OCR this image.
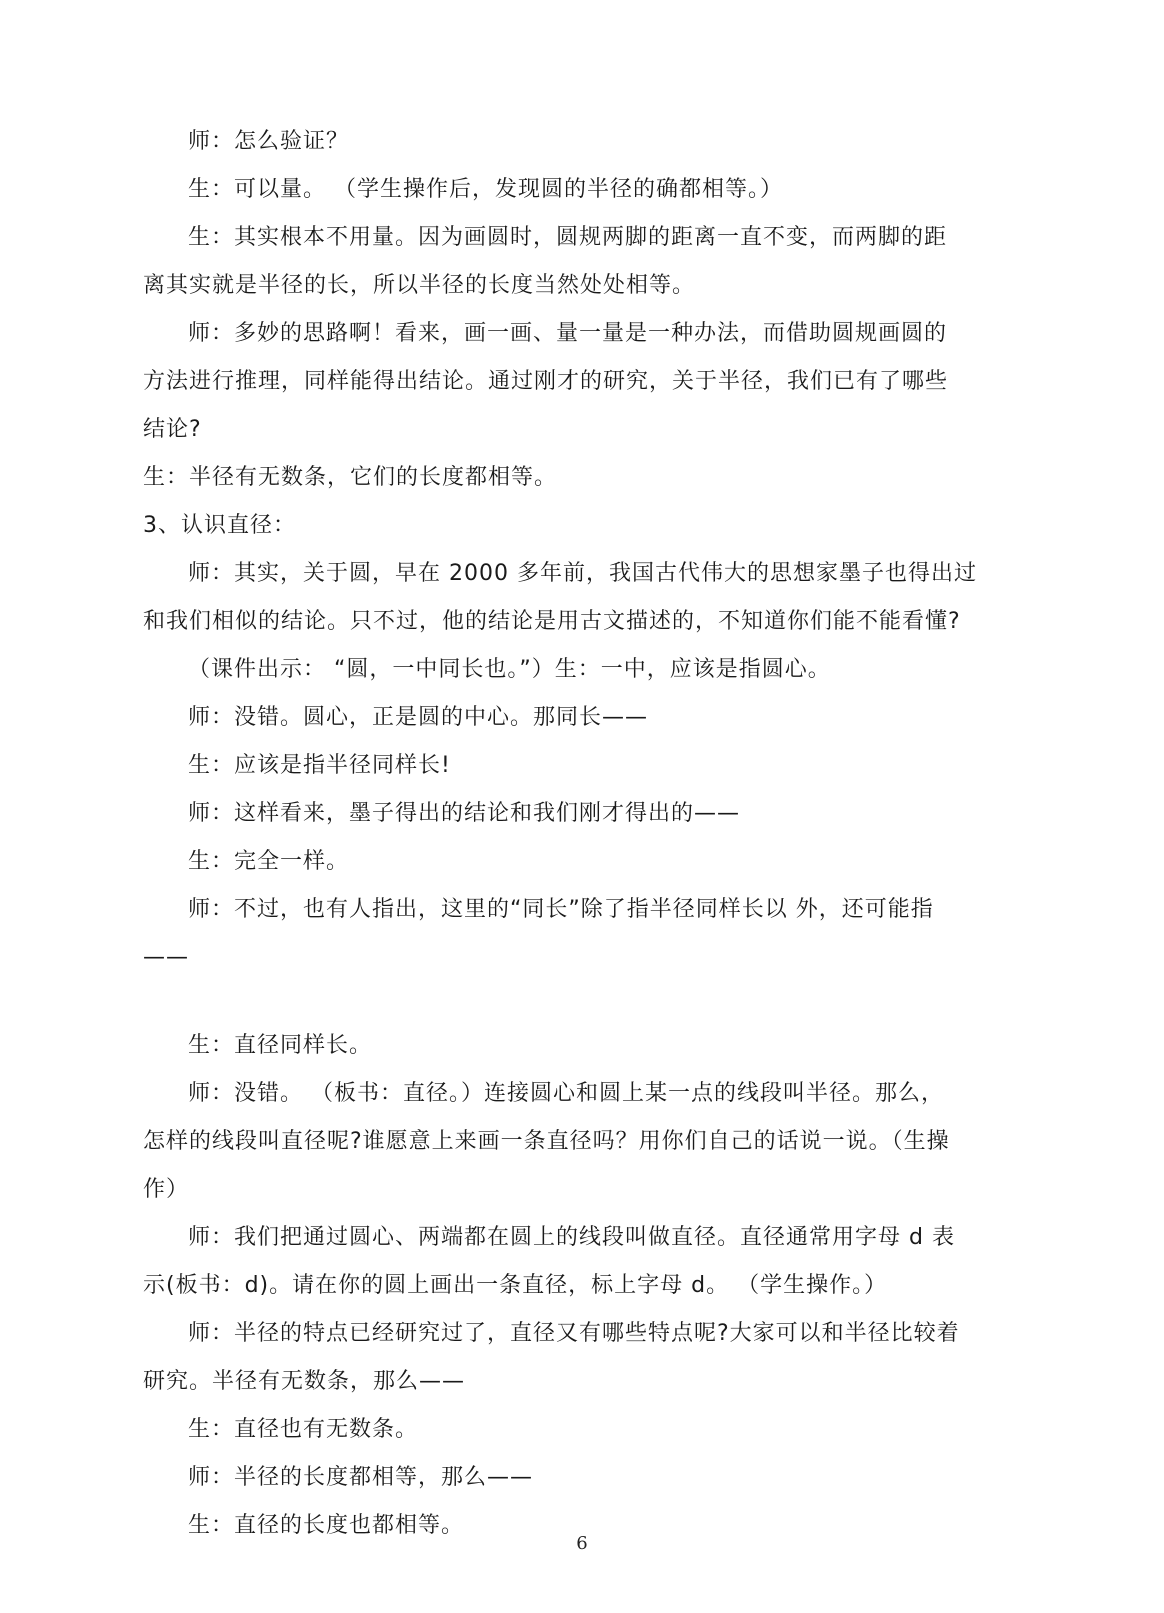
师：怎么验证？
生：可以量。 （学生操作后，发现圆的半径的确都相等。）
生：其实根本不用量。因为画圆时，圆规两脚的距离一直不变，而两脚的距
离其实就是半径的长，所以半径的长度当然处处相等。
师：多妙的思路啊！看来，画一画、量一量是一种办法，而借助圆规画圆的
方法进行推理，同样能得出结论。通过刚才的研究，关于半径，我们已有了哪些
结论?
生：半径有无数条，它们的长度都相等。
3、认识直径：
师：其实，关于圆，早在 2000 多年前，我国古代伟大的思想家墨子也得出过
和我们相似的结论。只不过，他的结论是用古文描述的，不知道你们能不能看懂?
（课件出示： “圆，一中同长也。”）生：一中，应该是指圆心。
师：没错。圆心，正是圆的中心。那同长——
生：应该是指半径同样长!
师：这样看来，墨子得出的结论和我们刚才得出的——
生：完全一样。
师：不过，也有人指出，这里的“同长”除了指半径同样长以 外，还可能指
——
生：直径同样长。
师：没错。 （板书：直径。）连接圆心和圆上某一点的线段叫半径。那么，
怎样的线段叫直径呢?谁愿意上来画一条直径吗？用你们自己的话说一说。（生操
作）
师：我们把通过圆心、两端都在圆上的线段叫做直径。直径通常用字母 d 表
示(板书：d)。请在你的圆上画出一条直径，标上字母 d。 （学生操作。）
师：半径的特点已经研究过了，直径又有哪些特点呢?大家可以和半径比较着
研究。半径有无数条，那么——
生：直径也有无数条。
师：半径的长度都相等，那么——
生：直径的长度也都相等。
6
